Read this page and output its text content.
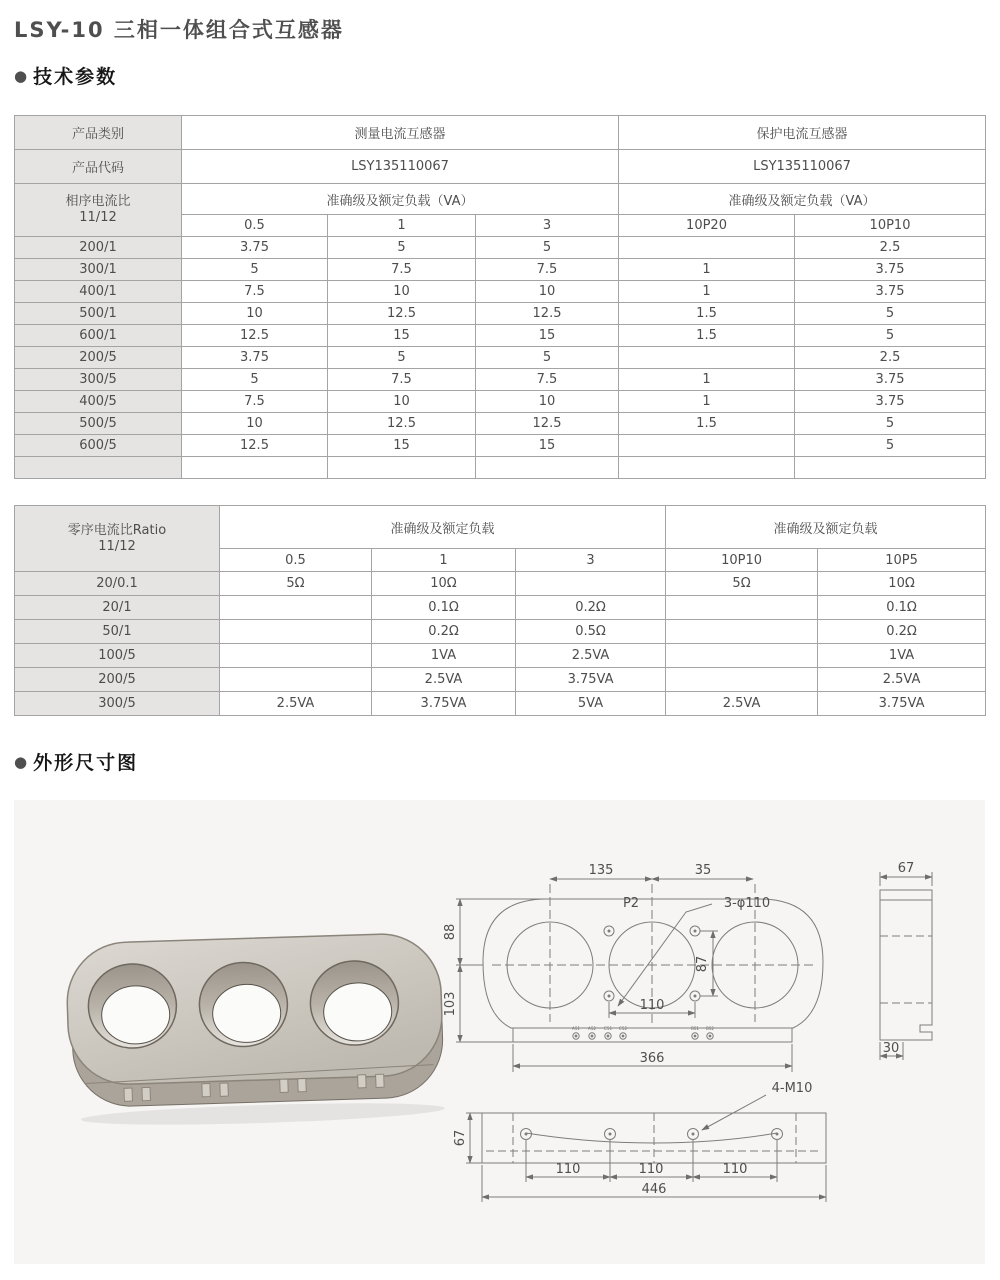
LSY-10 三相一体组合式互感器
● 技术参数
产品类别	测量电流互感器			保护电流互感器	
产品代码	LSY135110067			LSY135110067	

相序电流比
11/12	准确级及额定负载（VA）			准确级及额定负载（VA）	
	0.5	1	3	10P20	10P10
200/1	3.75	5	5		2.5
300/1	5	7.5	7.5	1	3.75
400/1	7.5	10	10	1	3.75
500/1	10	12.5	12.5	1.5	5
600/1	12.5	15	15	1.5	5
200/5	3.75	5	5		2.5
300/5	5	7.5	7.5	1	3.75
400/5	7.5	10	10	1	3.75
500/5	10	12.5	12.5	1.5	5
600/5	12.5	15	15		5

零序电流比Ratio
11/12	准确级及额定负载			准确级及额定负载	
	0.5	1	3	10P10	10P5
20/0.1	5Ω	10Ω		5Ω	10Ω
20/1		0.1Ω	0.2Ω		0.1Ω
50/1		0.2Ω	0.5Ω		0.2Ω
100/5		1VA	2.5VA		1VA
200/5		2.5VA	3.75VA		2.5VA
300/5	2.5VA	3.75VA	5VA	2.5VA	3.75VA
● 外形尺寸图
135	35
88
103
P2	3-φ110
87
110
366
AS1 AS2 CS1 CS2	BS1 BS2
67
30
67
4-M10
110	110	110
446
